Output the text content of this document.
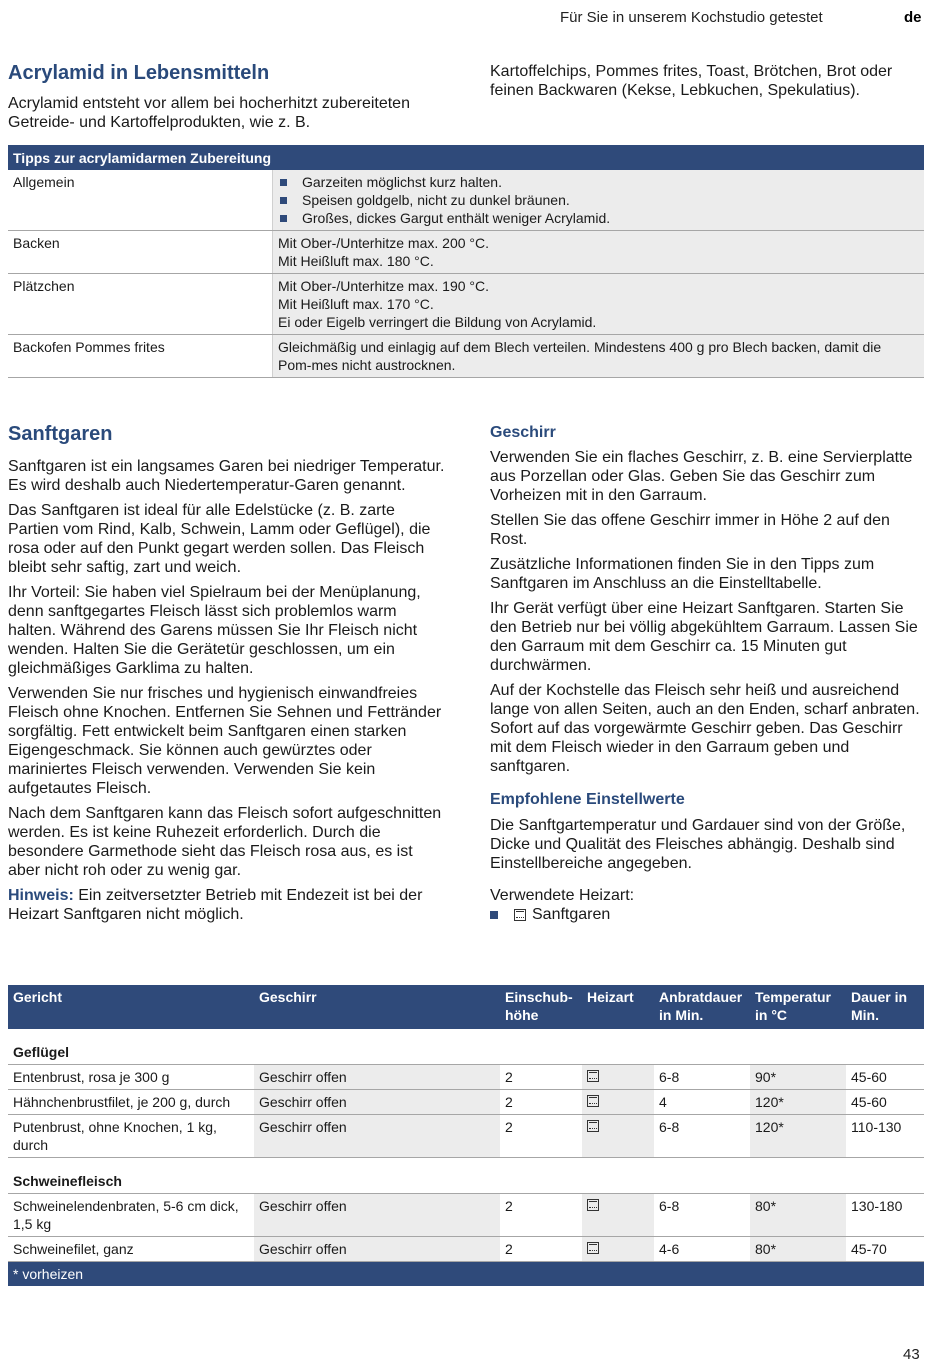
Für Sie in unserem Kochstudio getestet	de
Acrylamid in Lebensmitteln

Acrylamid entsteht vor allem bei hocherhitzt zubereiteten Getreide- und Kartoffelprodukten, wie z. B.

Kartoffelchips, Pommes frites, Toast, Brötchen, Brot oder feinen Backwaren (Kekse, Lebkuchen, Spekulatius).

Tipps zur acrylamidarmen Zubereitung	
Allgemein	Garzeiten möglichst kurz halten.
Speisen goldgelb, nicht zu dunkel bräunen.
Großes, dickes Gargut enthält weniger Acrylamid.

Backen	Mit Ober-/Unterhitze max. 200 °C.
Mit Heißluft max. 180 °C.

Plätzchen	Mit Ober-/Unterhitze max. 190 °C.
Mit Heißluft max. 170 °C.
Ei oder Eigelb verringert die Bildung von Acrylamid.

Backofen Pommes frites	Gleichmäßig und einlagig auf dem Blech verteilen. Mindestens 400 g pro Blech backen, damit die Pom-mes nicht austrocknen.
Sanftgaren

Sanftgaren ist ein langsames Garen bei niedriger Temperatur. Es wird deshalb auch Niedertemperatur-Garen genannt.

Das Sanftgaren ist ideal für alle Edelstücke (z. B. zarte Partien vom Rind, Kalb, Schwein, Lamm oder Geflügel), die rosa oder auf den Punkt gegart werden sollen. Das Fleisch bleibt sehr saftig, zart und weich.

Ihr Vorteil: Sie haben viel Spielraum bei der Menüplanung, denn sanftgegartes Fleisch lässt sich problemlos warm halten. Während des Garens müssen Sie Ihr Fleisch nicht wenden. Halten Sie die Gerätetür geschlossen, um ein gleichmäßiges Garklima zu halten.

Verwenden Sie nur frisches und hygienisch einwandfreies Fleisch ohne Knochen. Entfernen Sie Sehnen und Fettränder sorgfältig. Fett entwickelt beim Sanftgaren einen starken Eigengeschmack. Sie können auch gewürztes oder mariniertes Fleisch verwenden. Verwenden Sie kein aufgetautes Fleisch.

Nach dem Sanftgaren kann das Fleisch sofort aufgeschnitten werden. Es ist keine Ruhezeit erforderlich. Durch die besondere Garmethode sieht das Fleisch rosa aus, es ist aber nicht roh oder zu wenig gar.

Hinweis: Ein zeitversetzter Betrieb mit Endezeit ist bei der Heizart Sanftgaren nicht möglich.

Geschirr

Verwenden Sie ein flaches Geschirr, z. B. eine Servierplatte aus Porzellan oder Glas. Geben Sie das Geschirr zum Vorheizen mit in den Garraum.

Stellen Sie das offene Geschirr immer in Höhe 2 auf den Rost.

Zusätzliche Informationen finden Sie in den Tipps zum Sanftgaren im Anschluss an die Einstelltabelle.

Ihr Gerät verfügt über eine Heizart Sanftgaren. Starten Sie den Betrieb nur bei völlig abgekühltem Garraum. Lassen Sie den Garraum mit dem Geschirr ca. 15 Minuten gut durchwärmen.

Auf der Kochstelle das Fleisch sehr heiß und ausreichend lange von allen Seiten, auch an den Enden, scharf anbraten. Sofort auf das vorgewärmte Geschirr geben. Das Geschirr mit dem Fleisch wieder in den Garraum geben und sanftgaren.

Empfohlene Einstellwerte

Die Sanftgartemperatur und Gardauer sind von der Größe, Dicke und Qualität des Fleisches abhängig. Deshalb sind Einstellbereiche angegeben.

Verwendete Heizart:

Sanftgaren
Gericht	Geschirr	Einschub-höhe	Heizart	Anbratdauer in Min.	Temperatur in °C	Dauer in Min.
Geflügel						
Entenbrust, rosa je 300 g	Geschirr offen	2		6-8	90*	45-60
Hähnchenbrustfilet, je 200 g, durch	Geschirr offen	2		4	120*	45-60
Putenbrust, ohne Knochen, 1 kg, durch	Geschirr offen	2		6-8	120*	110-130
Schweinefleisch						
Schweinelendenbraten, 5-6 cm dick, 1,5 kg	Geschirr offen	2		6-8	80*	130-180
Schweinefilet, ganz	Geschirr offen	2		4-6	80*	45-70
* vorheizen						
43
